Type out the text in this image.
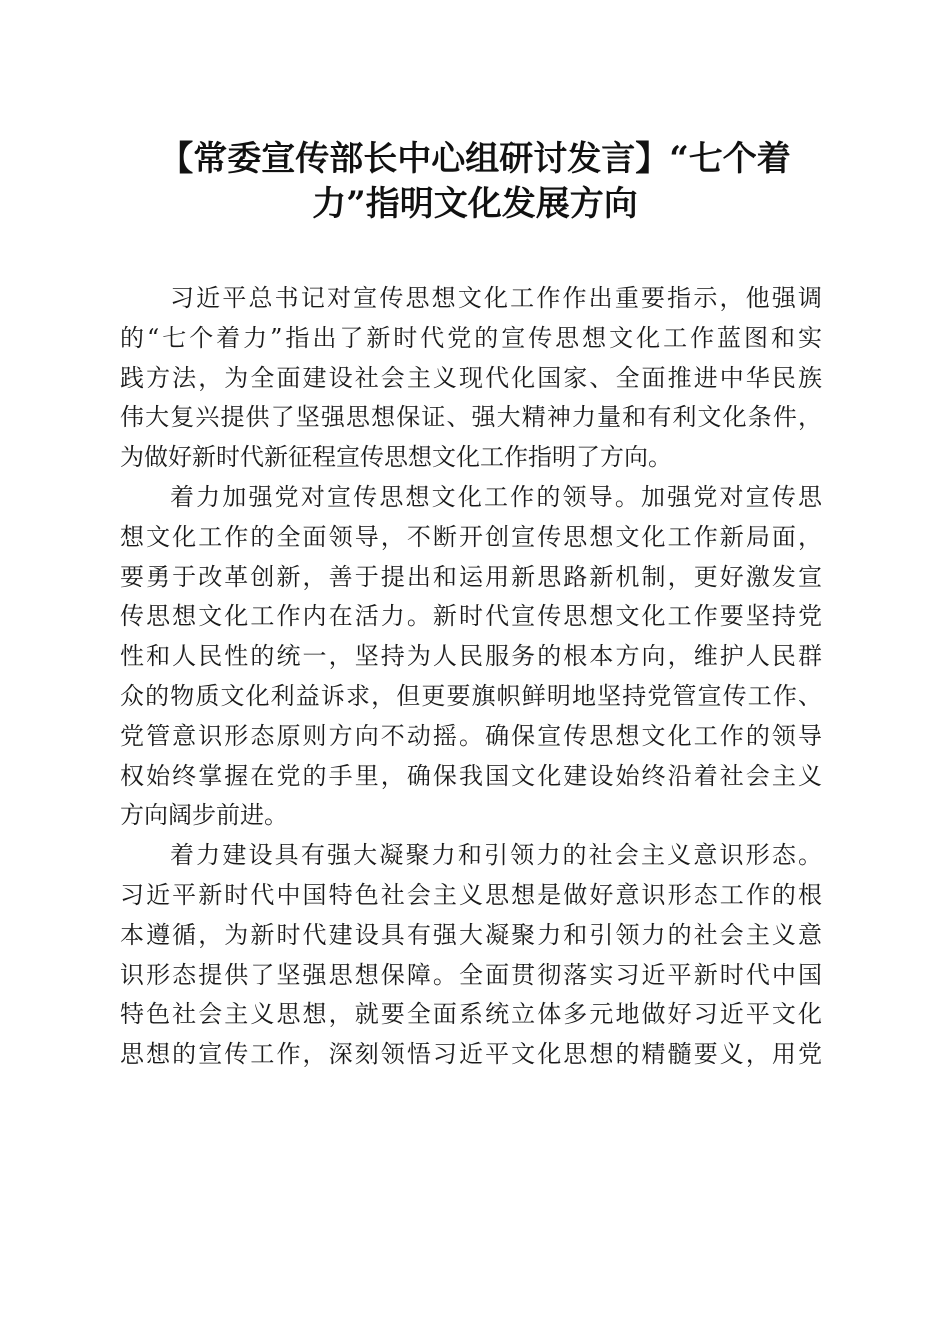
【常委宣传部长中心组研讨发言】“七个着
力”指明文化发展方向

习近平总书记对宣传思想文化工作作出重要指示，他强调
的“七个着力”指出了新时代党的宣传思想文化工作蓝图和实
践方法，为全面建设社会主义现代化国家、全面推进中华民族
伟大复兴提供了坚强思想保证、强大精神力量和有利文化条件，
为做好新时代新征程宣传思想文化工作指明了方向。

着力加强党对宣传思想文化工作的领导。加强党对宣传思
想文化工作的全面领导，不断开创宣传思想文化工作新局面，
要勇于改革创新，善于提出和运用新思路新机制，更好激发宣
传思想文化工作内在活力。新时代宣传思想文化工作要坚持党
性和人民性的统一，坚持为人民服务的根本方向，维护人民群
众的物质文化利益诉求，但更要旗帜鲜明地坚持党管宣传工作、
党管意识形态原则方向不动摇。确保宣传思想文化工作的领导
权始终掌握在党的手里，确保我国文化建设始终沿着社会主义
方向阔步前进。

着力建设具有强大凝聚力和引领力的社会主义意识形态。
习近平新时代中国特色社会主义思想是做好意识形态工作的根
本遵循，为新时代建设具有强大凝聚力和引领力的社会主义意
识形态提供了坚强思想保障。全面贯彻落实习近平新时代中国
特色社会主义思想，就要全面系统立体多元地做好习近平文化
思想的宣传工作，深刻领悟习近平文化思想的精髓要义，用党
